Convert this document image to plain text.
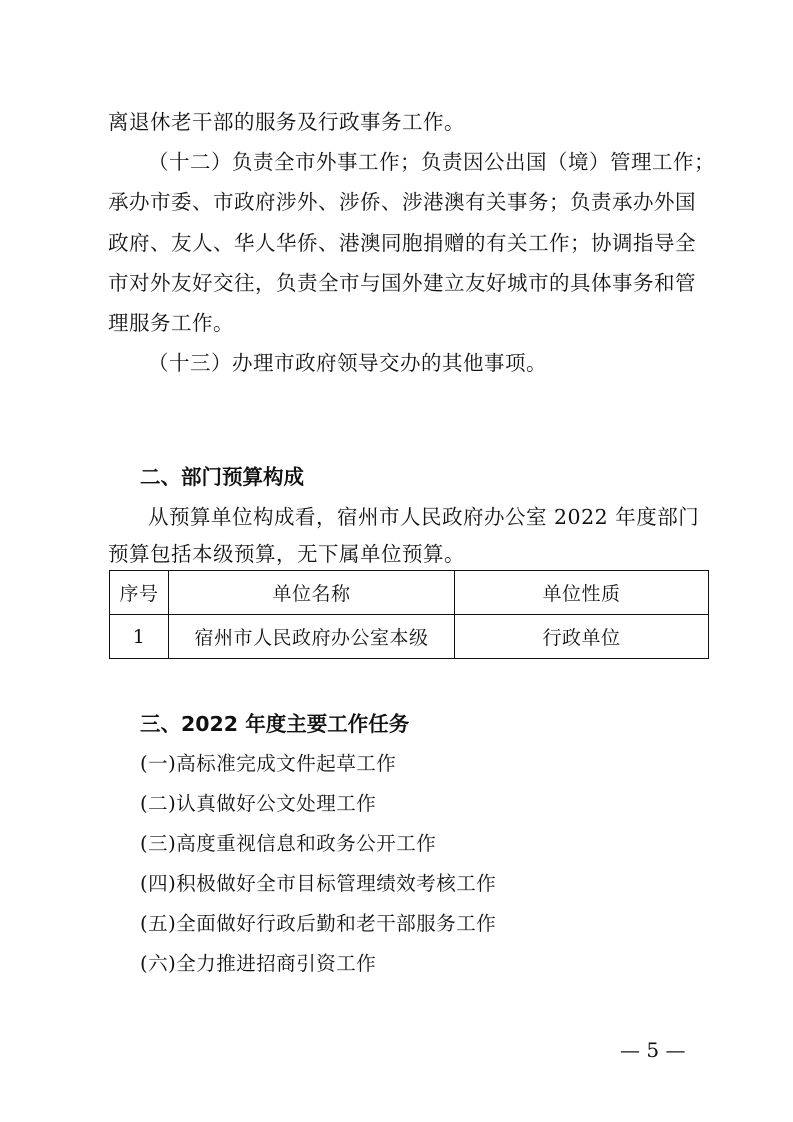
离退休老干部的服务及行政事务工作。
（十二）负责全市外事工作；负责因公出国（境）管理工作；
承办市委、市政府涉外、涉侨、涉港澳有关事务；负责承办外国
政府、友人、华人华侨、港澳同胞捐赠的有关工作；协调指导全
市对外友好交往，负责全市与国外建立友好城市的具体事务和管
理服务工作。
（十三）办理市政府领导交办的其他事项。
二、部门预算构成
从预算单位构成看，宿州市人民政府办公室 2022 年度部门
预算包括本级预算，无下属单位预算。
序号	单位名称	单位性质
1	宿州市人民政府办公室本级	行政单位
三、2022 年度主要工作任务
(一)高标准完成文件起草工作
(二)认真做好公文处理工作
(三)高度重视信息和政务公开工作
(四)积极做好全市目标管理绩效考核工作
(五)全面做好行政后勤和老干部服务工作
(六)全力推进招商引资工作
— 5 —
